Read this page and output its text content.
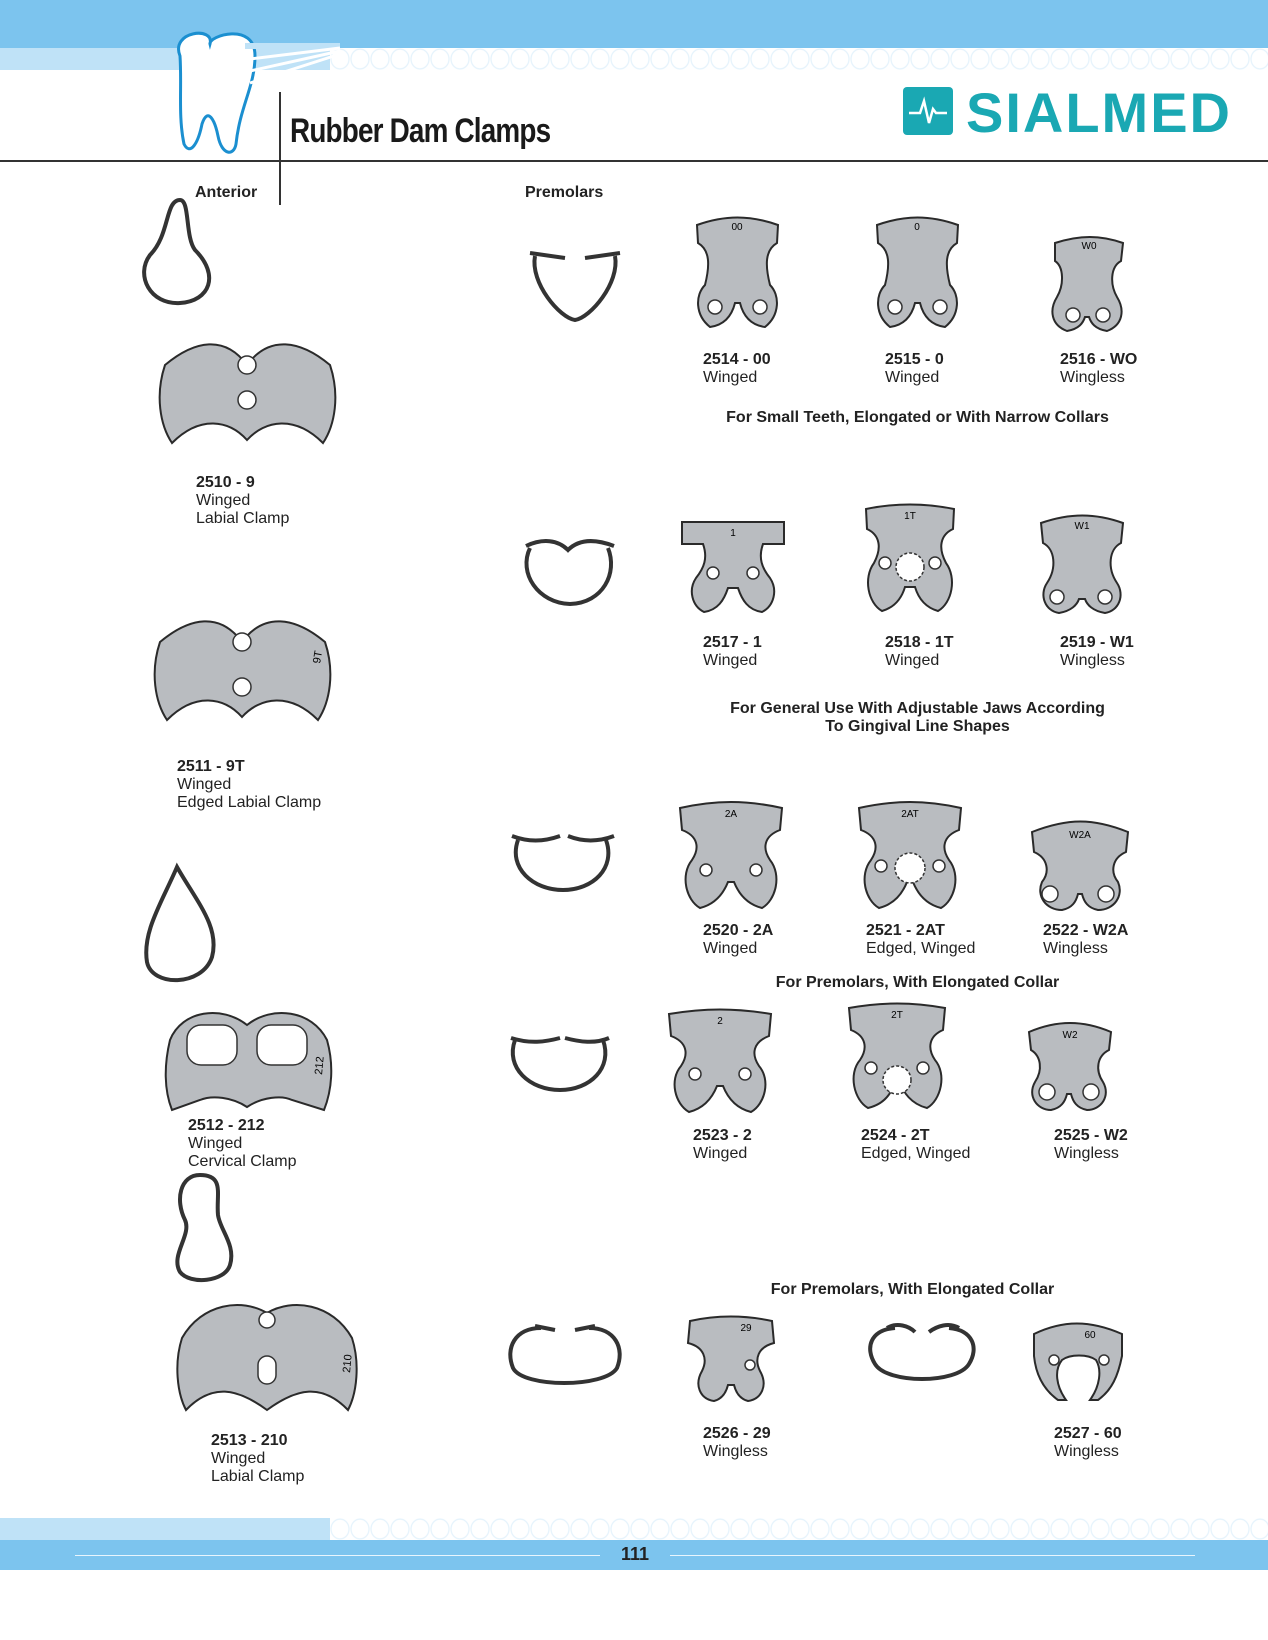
Rubber Dam Clamps	SIALMED
Anterior	Premolars
2510 - 9
Winged
Labial Clamp
9T
2511 - 9T
Winged
Edged Labial Clamp
212
2512 - 212
Winged
Cervical Clamp
210
2513 - 210
Winged
Labial Clamp
00	0
W0
2514 - 00
Winged
2515 - 0
Winged
2516 - WO
Wingless
For Small Teeth, Elongated or With Narrow Collars
1
1T
W1
2517 - 1
Winged
2518 - 1T
Winged
2519 - W1
Wingless
For General Use With Adjustable Jaws According
To Gingival Line Shapes
2A	2AT
W2A
2520 - 2A
Winged
2521 - 2AT
Edged, Winged
2522 - W2A
Wingless
For Premolars, With Elongated Collar
2
2T
W2
2523 - 2
Winged
2524 - 2T
Edged, Winged
2525 - W2
Wingless
For Premolars, With Elongated Collar
29
60
2526 - 29
Wingless
2527 - 60
Wingless
111
